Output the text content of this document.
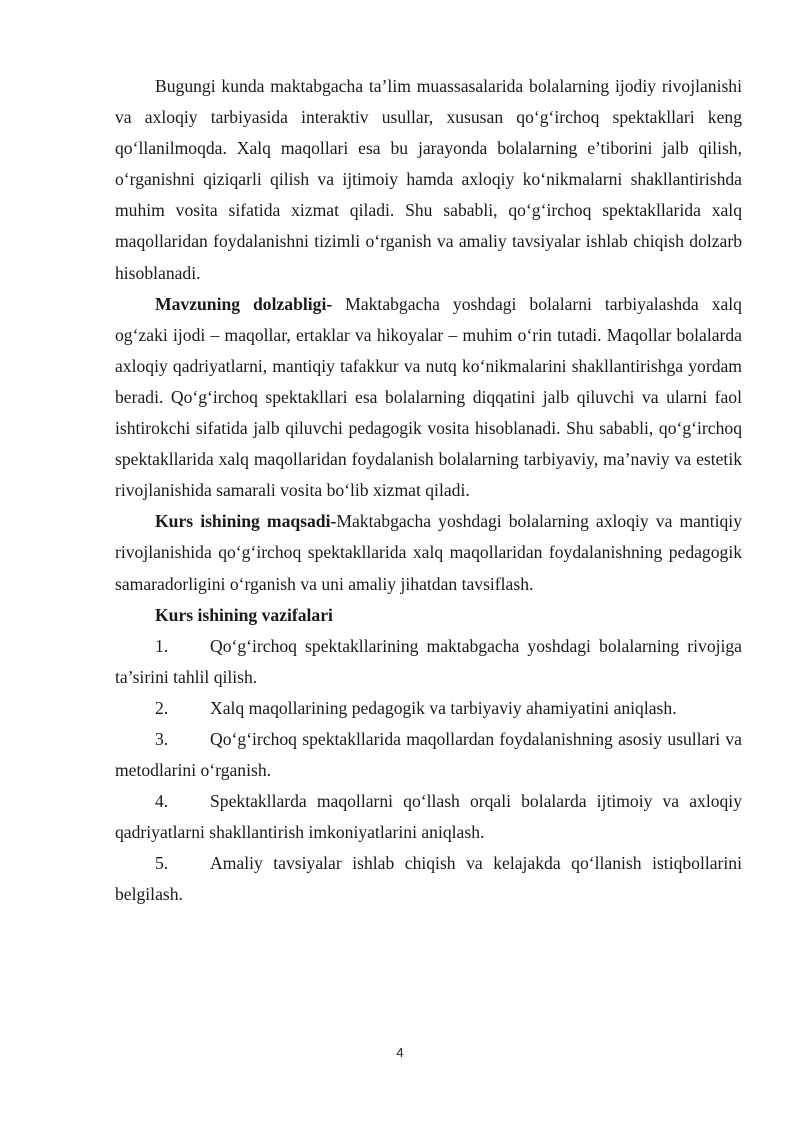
Bugungi kunda maktabgacha ta’lim muassasalarida bolalarning ijodiy rivojlanishi va axloqiy tarbiyasida interaktiv usullar, xususan qo‘g‘irchoq spektakllari keng qo‘llanilmoqda. Xalq maqollari esa bu jarayonda bolalarning e’tiborini jalb qilish, o‘rganishni qiziqarli qilish va ijtimoiy hamda axloqiy ko‘nikmalarni shakllantirishda muhim vosita sifatida xizmat qiladi. Shu sababli, qo‘g‘irchoq spektakllarida xalq maqollaridan foydalanishni tizimli o‘rganish va amaliy tavsiyalar ishlab chiqish dolzarb hisoblanadi.

Mavzuning dolzabligi- Maktabgacha yoshdagi bolalarni tarbiyalashda xalq og‘zaki ijodi – maqollar, ertaklar va hikoyalar – muhim o‘rin tutadi. Maqollar bolalarda axloqiy qadriyatlarni, mantiqiy tafakkur va nutq ko‘nikmalarini shakllantirishga yordam beradi. Qo‘g‘irchoq spektakllari esa bolalarning diqqatini jalb qiluvchi va ularni faol ishtirokchi sifatida jalb qiluvchi pedagogik vosita hisoblanadi. Shu sababli, qo‘g‘irchoq spektakllarida xalq maqollaridan foydalanish bolalarning tarbiyaviy, ma’naviy va estetik rivojlanishida samarali vosita bo‘lib xizmat qiladi.

Kurs ishining maqsadi-Maktabgacha yoshdagi bolalarning axloqiy va mantiqiy rivojlanishida qo‘g‘irchoq spektakllarida xalq maqollaridan foydalanishning pedagogik samaradorligini o‘rganish va uni amaliy jihatdan tavsiflash.

Kurs ishining vazifalari

1. Qo‘g‘irchoq spektakllarining maktabgacha yoshdagi bolalarning rivojiga ta’sirini tahlil qilish.

2. Xalq maqollarining pedagogik va tarbiyaviy ahamiyatini aniqlash.

3. Qo‘g‘irchoq spektakllarida maqollardan foydalanishning asosiy usullari va metodlarini o‘rganish.

4. Spektakllarda maqollarni qo‘llash orqali bolalarda ijtimoiy va axloqiy qadriyatlarni shakllantirish imkoniyatlarini aniqlash.

5. Amaliy tavsiyalar ishlab chiqish va kelajakda qo‘llanish istiqbollarini belgilash.

4
